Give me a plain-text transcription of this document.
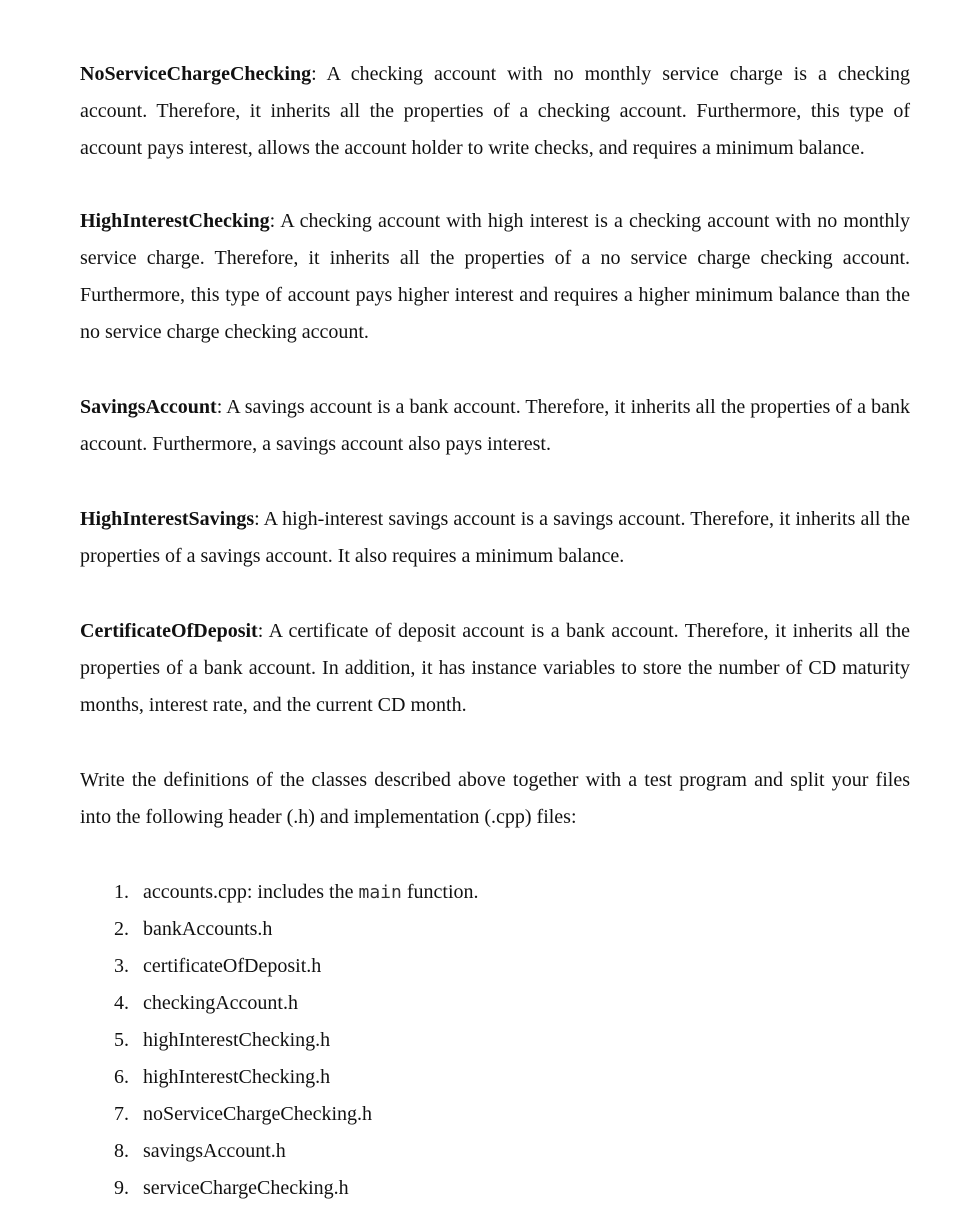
NoServiceChargeChecking: A checking account with no monthly service charge is a checking account. Therefore, it inherits all the properties of a checking account. Furthermore, this type of account pays interest, allows the account holder to write checks, and requires a minimum balance.

HighInterestChecking: A checking account with high interest is a checking account with no monthly service charge. Therefore, it inherits all the properties of a no service charge checking account. Furthermore, this type of account pays higher interest and requires a higher minimum balance than the no service charge checking account.

SavingsAccount: A savings account is a bank account. Therefore, it inherits all the properties of a bank account. Furthermore, a savings account also pays interest.

HighInterestSavings: A high-interest savings account is a savings account. Therefore, it inherits all the properties of a savings account. It also requires a minimum balance.

CertificateOfDeposit: A certificate of deposit account is a bank account. Therefore, it inherits all the properties of a bank account. In addition, it has instance variables to store the number of CD maturity months, interest rate, and the current CD month.

Write the definitions of the classes described above together with a test program and split your files into the following header (.h) and implementation (.cpp) files:

1. accounts.cpp: includes the main function.
2. bankAccounts.h
3. certificateOfDeposit.h
4. checkingAccount.h
5. highInterestChecking.h
6. highInterestChecking.h
7. noServiceChargeChecking.h
8. savingsAccount.h
9. serviceChargeChecking.h
